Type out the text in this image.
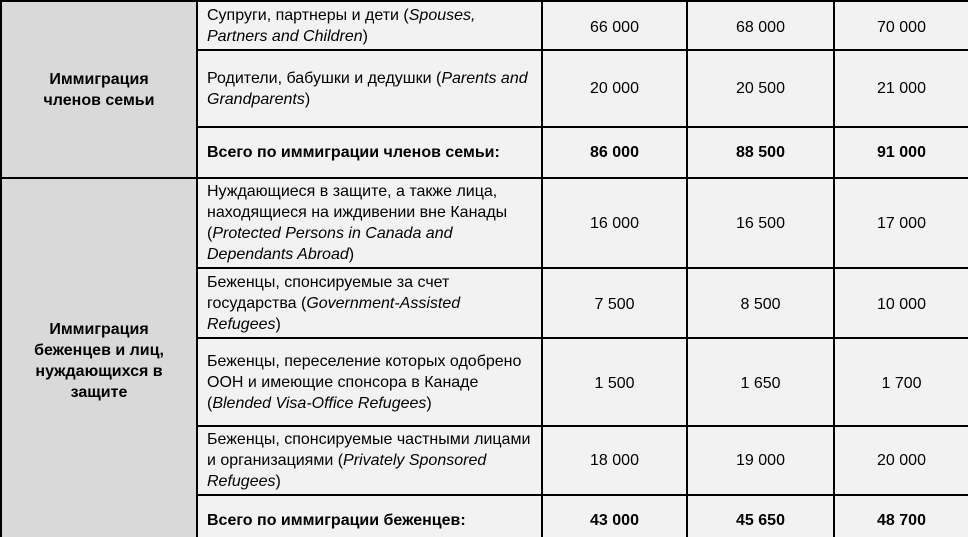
Иммиграция членов семьи	Супруги, партнеры и дети (Spouses, Partners and Children)	66 000	68 000	70 000
	Родители, бабушки и дедушки (Parents and Grandparents)	20 000	20 500	21 000
	Всего по иммиграции членов семьи:	86 000	88 500	91 000
Иммиграция беженцев и лиц, нуждающихся в защите	Нуждающиеся в защите, а также лица, находящиеся на иждивении вне Канады (Protected Persons in Canada and Dependants Abroad)	16 000	16 500	17 000
	Беженцы, спонсируемые за счет государства (Government-Assisted Refugees)	7 500	8 500	10 000
	Беженцы, переселение которых одобрено ООН и имеющие спонсора в Канаде (Blended Visa-Office Refugees)	1 500	1 650	1 700
	Беженцы, спонсируемые частными лицами и организациями (Privately Sponsored Refugees)	18 000	19 000	20 000
	Всего по иммиграции беженцев:	43 000	45 650	48 700
